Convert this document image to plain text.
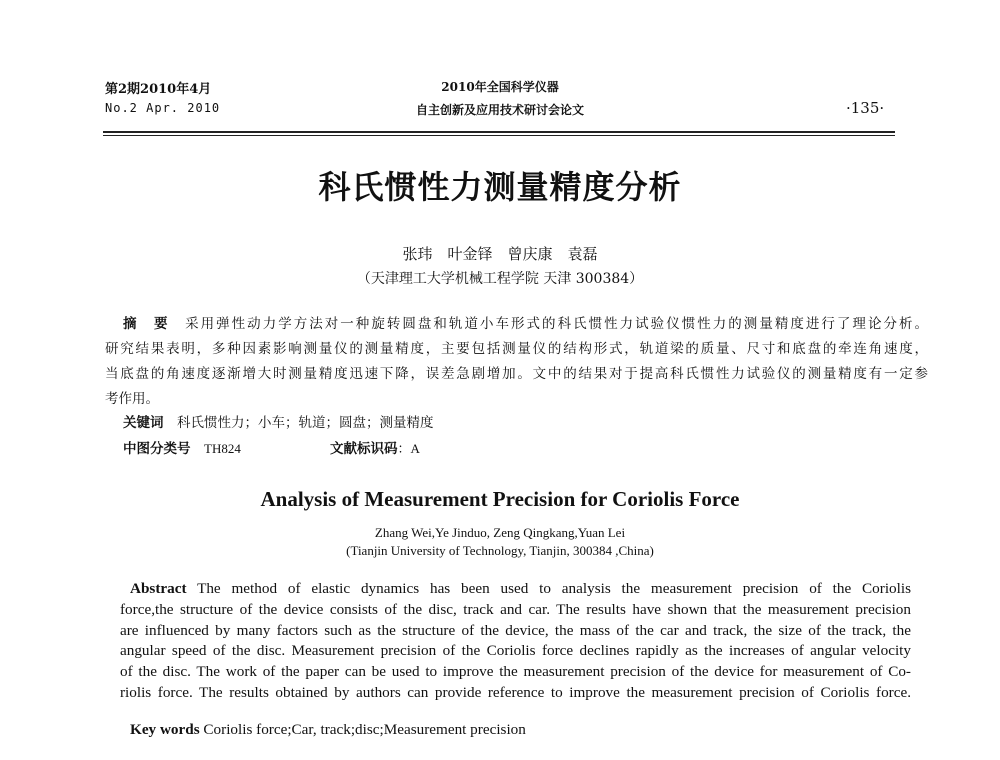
第2期2010年4月
No.2 Apr. 2010
2010年全国科学仪器
自主创新及应用技术研讨会论文	·135·
科氏惯性力测量精度分析
张玮　叶金铎　曾庆康　袁磊
（天津理工大学机械工程学院 天津 300384）
摘　要　 采用弹性动力学方法对一种旋转圆盘和轨道小车形式的科氏惯性力试验仪惯性力的测量精度进行了理论分析。
研究结果表明，多种因素影响测量仪的测量精度，主要包括测量仪的结构形式，轨道梁的质量、尺寸和底盘的牵连角速度，
当底盘的角速度逐渐增大时测量精度迅速下降，误差急剧增加。文中的结果对于提高科氏惯性力试验仪的测量精度有一定参
考作用。
关键词　 科氏惯性力；小车；轨道；圆盘；测量精度
中图分类号　 TH824	文献标识码：A
Analysis of Measurement Precision for Coriolis Force
Zhang Wei,Ye Jinduo, Zeng Qingkang,Yuan Lei
(Tianjin University of Technology, Tianjin, 300384 ,China)
Abstract The method of elastic dynamics has been used to analysis the measurement precision of the Coriolis
force,the structure of the device consists of the disc, track and car. The results have shown that the measurement precision
are influenced by many factors such as the structure of the device, the mass of the car and track, the size of the track, the
angular speed of the disc. Measurement precision of the Coriolis force declines rapidly as the increases of angular velocity
of the disc. The work of the paper can be used to improve the measurement precision of the device for measurement of Co-
riolis force. The results obtained by authors can provide reference to improve the measurement precision of Coriolis force.
Key words Coriolis force;Car, track;disc;Measurement precision
